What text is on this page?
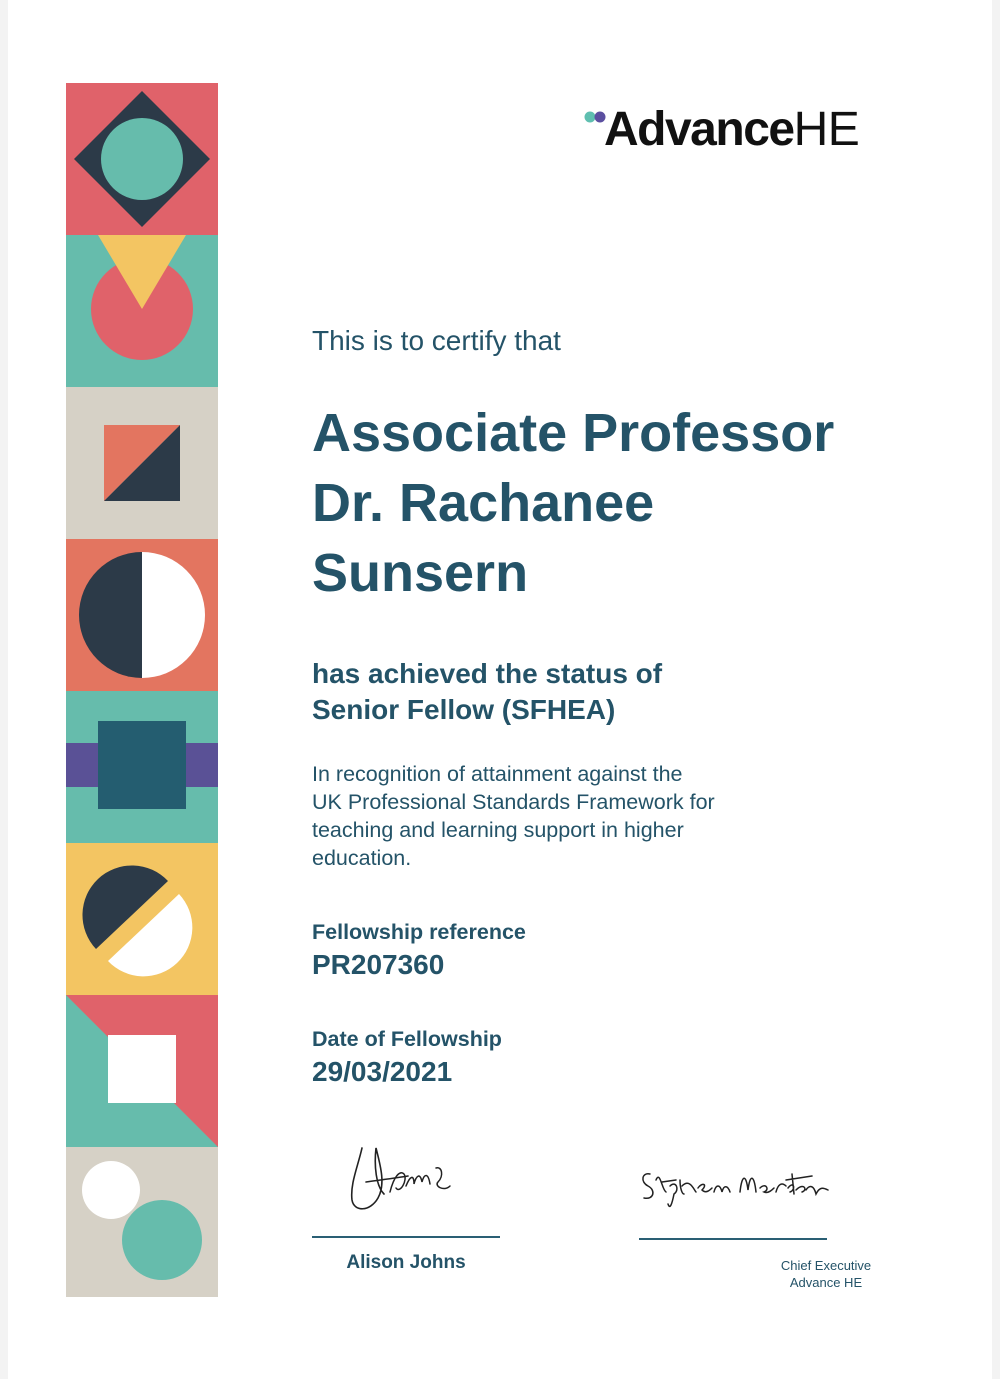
AdvanceHE
This is to certify that
Associate Professor
Dr. Rachanee
Sunsern
has achieved the status of
Senior Fellow (SFHEA)
In recognition of attainment against the
UK Professional Standards Framework for
teaching and learning support in higher
education.
Fellowship reference
PR207360
Date of Fellowship
29/03/2021
Alison Johns	Chief Executive
Advance HE
